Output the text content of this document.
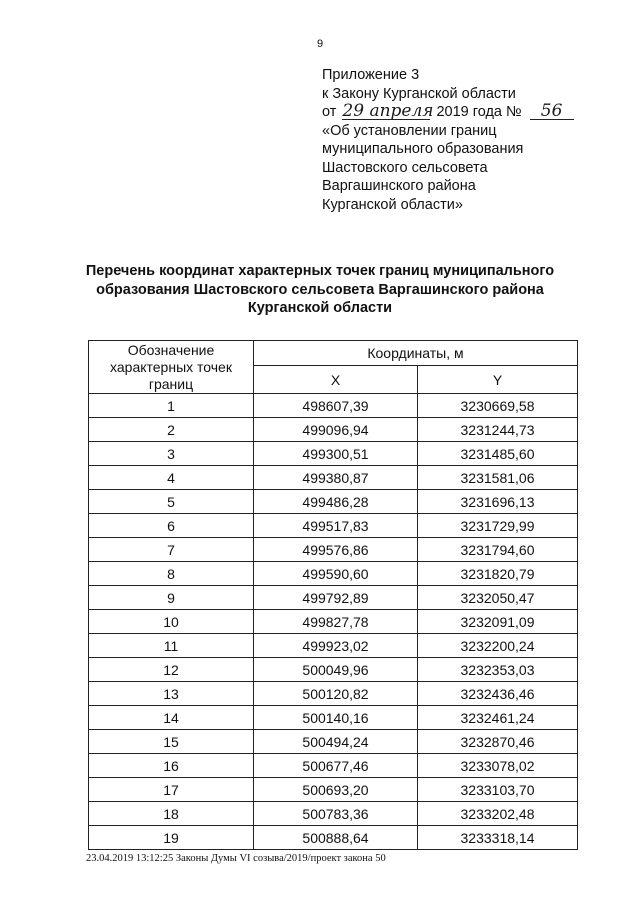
9
Приложение 3
к Закону Курганской области
от 29 апреля 2019 года № 56
«Об установлении границ
муниципального образования
Шастовского сельсовета
Варгашинского района
Курганской области»
Перечень координат характерных точек границ муниципального
образования Шастовского сельсовета Варгашинского района
Курганской области
Обозначение
характерных точек
границ	Координаты, м	
	X	Y
1	498607,39	3230669,58
2	499096,94	3231244,73
3	499300,51	3231485,60
4	499380,87	3231581,06
5	499486,28	3231696,13
6	499517,83	3231729,99
7	499576,86	3231794,60
8	499590,60	3231820,79
9	499792,89	3232050,47
10	499827,78	3232091,09
11	499923,02	3232200,24
12	500049,96	3232353,03
13	500120,82	3232436,46
14	500140,16	3232461,24
15	500494,24	3232870,46
16	500677,46	3233078,02
17	500693,20	3233103,70
18	500783,36	3233202,48
19	500888,64	3233318,14
23.04.2019 13:12:25 Законы Думы VI созыва/2019/проект закона 50
